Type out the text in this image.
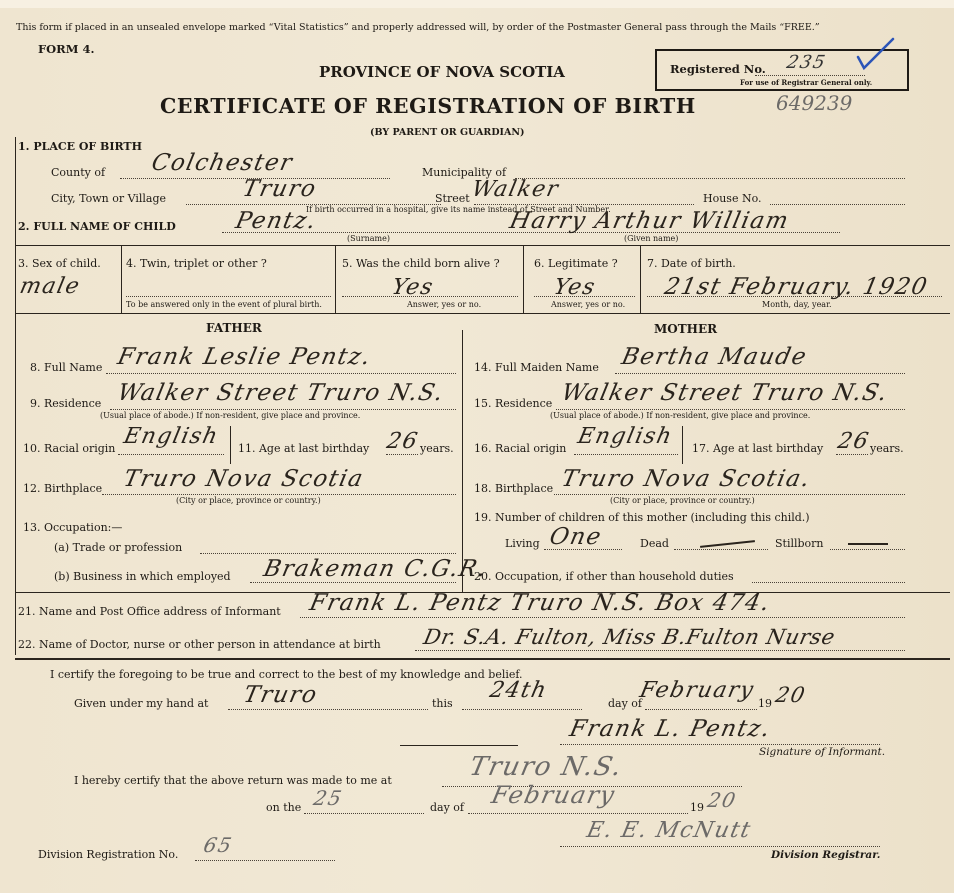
This form if placed in an unsealed envelope marked “Vital Statistics” and properly addressed will, by order of the Postmaster General pass through the Mails “FREE.”
FORM 4.
PROVINCE OF NOVA SCOTIA
CERTIFICATE OF REGISTRATION OF BIRTH
(BY PARENT OR GUARDIAN)
Registered No. 235
For use of Registrar General only.
649239
1. PLACE OF BIRTH
County of Colchester	Municipality of
City, Town or Village	Truro	Street Walker	House No.
If birth occurred in a hospital, give its name instead of Street and Number.
2. FULL NAME OF CHILD Pentz.
(Surname)
Harry Arthur William
(Given name)
3. Sex of child.
male
4. Twin, triplet or other ?
To be answered only in the event of plural birth.
5. Was the child born alive ?
Yes
Answer, yes or no.
6. Legitimate ?
Yes
Answer, yes or no.
7. Date of birth.
21st February. 1920
Month, day, year.
FATHER	MOTHER
8. Full Name Frank Leslie Pentz.
9. Residence Walker Street Truro N.S.
(Usual place of abode.) If non-resident, give place and province.
10. Racial origin English 11. Age at last birthday 26 years.
12. Birthplace Truro Nova Scotia
(City or place, province or country.)
13. Occupation:—
(a) Trade or profession
(b) Business in which employed Brakeman C.G.R.
14. Full Maiden Name Bertha Maude
15. Residence Walker Street Truro N.S.
(Usual place of abode.) If non-resident, give place and province.
16. Racial origin English 17. Age at last birthday 26
years.
18. Birthplace Truro Nova Scotia.
(City or place, province or country.)
19. Number of children of this mother (including this child.)
Living One	Dead	Stillborn
20. Occupation, if other than household duties
21. Name and Post Office address of Informant Frank L. Pentz Truro N.S. Box 474.
22. Name of Doctor, nurse or other person in attendance at birth Dr. S.A. Fulton, Miss B.Fulton Nurse
I certify the foregoing to be true and correct to the best of my knowledge and belief.
Given under my hand at Truro	this
24th
day of
February
19 20
Frank L. Pentz.
Signature of Informant.
I hereby certify that the above return was made to me at	Truro N.S.
on the 25	day of February	19 20
Division Registration No. 65
E. E. McNutt
Division Registrar.
